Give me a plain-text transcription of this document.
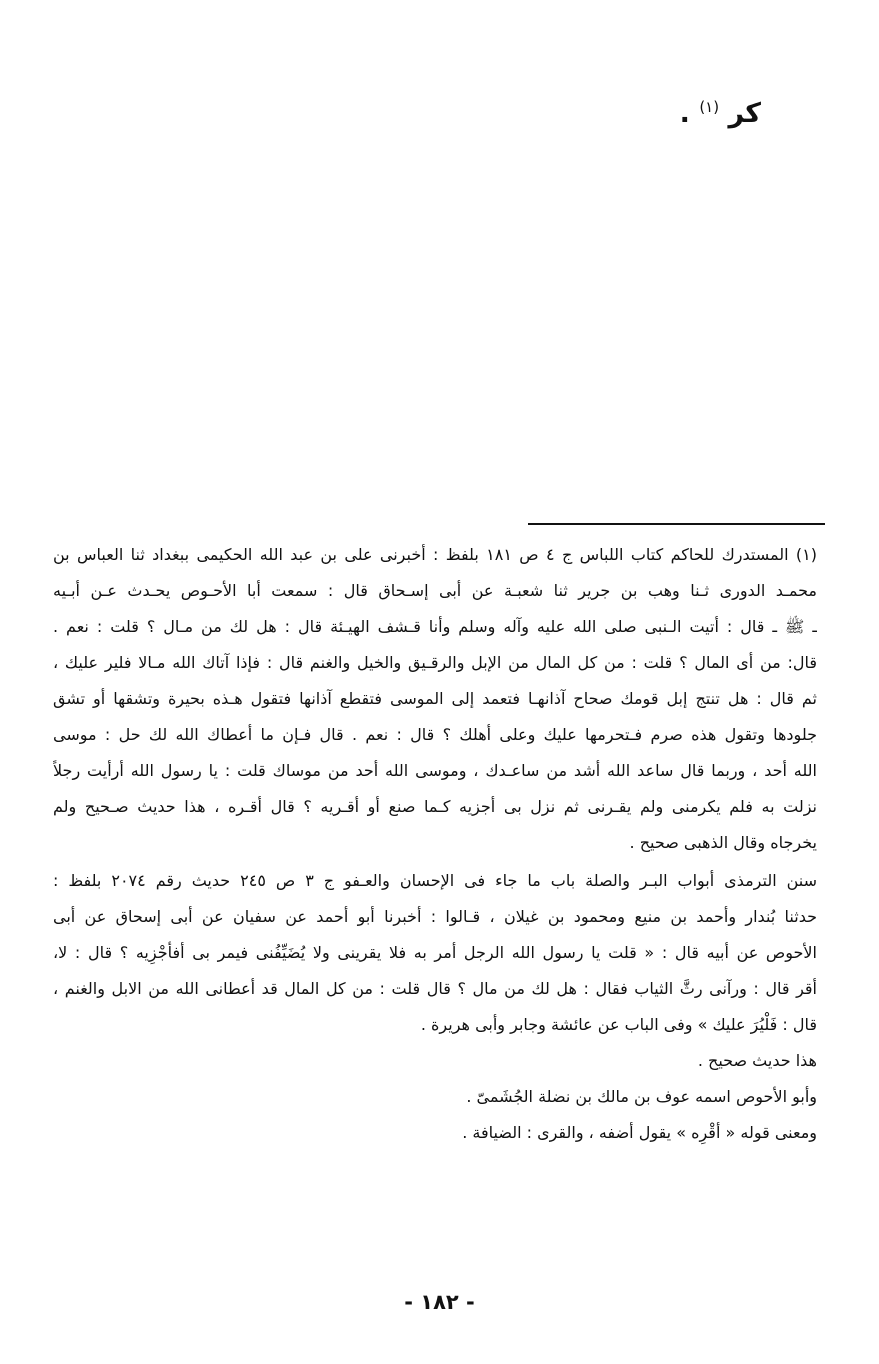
كر $^{(١)}$ .
(١) المستدرك للحاكم كتاب اللباس ج ٤ ص ١٨١ بلفظ : أخبرنى على بن عبد الله الحكيمى ببغداد ثنا العباس بن
محمـد الدورى ثـنا وهب بن جرير ثنا شعبـة عن أبى إسـحاق قال : سمعت أبا الأحـوص يحـدث عـن أبـيه
ـ ﷺ ـ قال : أتيت الـنبى صلى الله عليه وآله وسلم وأنا قـشف الهيـئة قال : هل لك من مـال ؟ قلت : نعم .
قال: من أى المال ؟ قلت : من كل المال من الإبل والرقـيق والخيل والغنم قال : فإذا آتاك الله مـالا فلير عليك ،
ثم قال : هل تنتج إبل قومك صحاح آذانهـا فتعمد إلى الموسى فتقطع آذانها فتقول هـذه بحيرة وتشقها أو تشق
جلودها وتقول هذه صرم فـتحرمها عليك وعلى أهلك ؟ قال : نعم . قال فـإن ما أعطاك الله لك حل : موسى
الله أحد ، وربما قال ساعد الله أشد من ساعـدك ، وموسى الله أحد من موساك قلت : يا رسول الله أرأيت رجلاً
نزلت به فلم يكرمنى ولم يقـرنى ثم نزل بى أجزيه كـما صنع أو أقـريه ؟ قال أقـره ، هذا حديث صـحيح ولم
يخرجاه وقال الذهبى صحيح .
سنن الترمذى أبواب البـر والصلة باب ما جاء فى الإحسان والعـفو ج ٣ ص ٢٤٥ حديث رقم ٢٠٧٤ بلفظ :
حدثنا بُندار وأحمد بن منيع ومحمود بن غيلان ، قـالوا : أخبرنا أبو أحمد عن سفيان عن أبى إسحاق عن أبى
الأحوص عن أبيه قال : « قلت يا رسول الله الرجل أمر به فلا يقرينى ولا يُضَيِّفُنى فيمر بى أفأجْزِيه ؟ قال : لا،
أقر قال : ورآنى رثَّ الثياب فقال : هل لك من مال ؟ قال قلت : من كل المال قد أعطانى الله من الابل والغنم ،
قال : فَلْيُرَ عليك » وفى الباب عن عائشة وجابر وأبى هريرة .
هذا حديث صحيح .
وأبو الأحوص اسمه عوف بن مالك بن نضلة الجُشَمىّ .
ومعنى قوله « أقْرِه » يقول أضفه ، والقرى : الضيافة .
- ١٨٢ -
